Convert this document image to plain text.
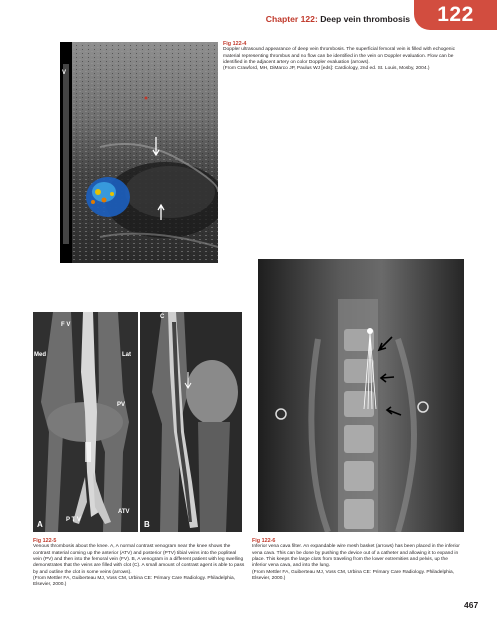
Chapter 122: Deep vein thrombosis	122
V
Fig 122-4
Doppler ultrasound appearance of deep vein thrombosis. The superficial femoral vein is filled with echogenic material representing thrombus and no flow can be identified in the vein on Doppler evaluation. Flow can be identified in the adjacent artery on color Doppler evaluation (arrows).
(From Crawford, MH, DiMarco JP, Paulus WJ [eds]: Cardiology, 2nd ed. St. Louis, Mosby, 2004.)
F V
Med	Lat
PV
P T V
ATV
A
C
B
Fig 122-5
Venous thrombosis about the knee. A, A normal contrast venogram near the knee shows the contrast material coming up the anterior (ATV) and posterior (PTV) tibial veins into the popliteal vein (PV) and then into the femoral vein (FV). B, A venogram in a different patient with leg swelling demonstrates that the veins are filled with clot (C). A small amount of contrast agent is able to pass by and outline the clot in some veins (arrows).
(From Mettler FA, Guiberteau MJ, Voss CM, Urbina CE: Primary Care Radiology. Philadelphia, Elsevier, 2000.)
Fig 122-6
Inferior vena cava filter. An expandable wire mesh basket (arrows) has been placed in the inferior vena cava. This can be done by pushing the device out of a catheter and allowing it to expand in place. This keeps the large clots from traveling from the lower extremities and pelvis, up the inferior vena cava, and into the lung.
(From Mettler FA, Guiberteau MJ, Voss CM, Urbina CE: Primary Care Radiology. Philadelphia, Elsevier, 2000.)
467
